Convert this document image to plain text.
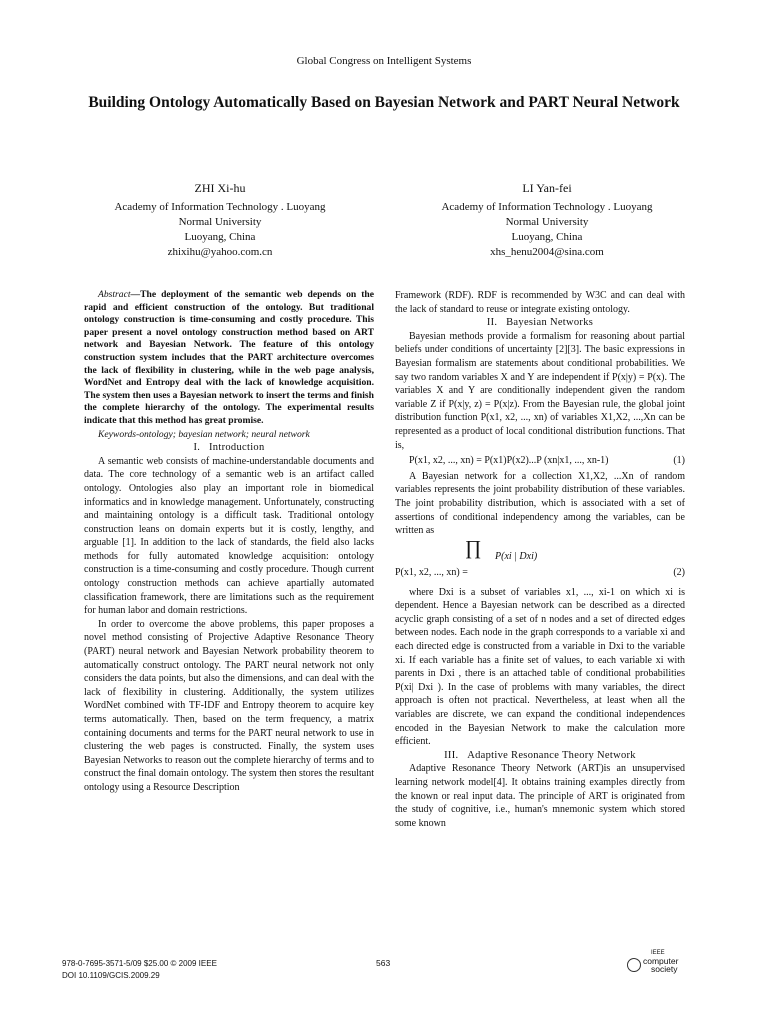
Global Congress on Intelligent Systems
Building Ontology Automatically Based on Bayesian Network and PART Neural Network
ZHI Xi-hu
Academy of Information Technology . Luoyang
Normal University
Luoyang, China
zhixihu@yahoo.com.cn
LI Yan-fei
Academy of Information Technology . Luoyang
Normal University
Luoyang, China
xhs_henu2004@sina.com

Abstract—The deployment of the semantic web depends on the rapid and efficient construction of the ontology. But traditional ontology construction is time-consuming and costly procedure. This paper present a novel ontology construction method based on ART network and Bayesian Network. The feature of this ontology construction system includes that the PART architecture overcomes the lack of flexibility in clustering, while in the web page analysis, WordNet and Entropy deal with the lack of knowledge acquisition. The system then uses a Bayesian network to insert the terms and finish the complete hierarchy of the ontology. The experimental results indicate that this method has great promise.

Keywords-ontology; bayesian network; neural network

I. Introduction

A semantic web consists of machine-understandable documents and data. The core technology of a semantic web is an artifact called ontology. Ontologies also play an important role in biomedical informatics and in knowledge management. Unfortunately, constructing and maintaining ontology is a difficult task. Traditional ontology construction leans on domain experts but it is costly, lengthy, and arguable [1]. In addition to the lack of standards, the field also lacks methods for fully automated knowledge acquisition: ontology construction is a time-consuming and costly procedure. Though current ontology construction methods can achieve apartially automated classification framework, there are limitations such as the requirement for human labor and domain restrictions.

In order to overcome the above problems, this paper proposes a novel method consisting of Projective Adaptive Resonance Theory (PART) neural network and Bayesian Network probability theorem to automatically construct ontology. The PART neural network not only considers the data points, but also the dimensions, and can deal with the lack of flexibility in clustering. Additionally, the system utilizes WordNet combined with TF-IDF and Entropy theorem to acquire key terms automatically. Then, based on the term frequency, a matrix containing documents and terms for the PART neural network to use in clustering the web pages is constructed. Finally, the system uses Bayesian Networks to reason out the complete hierarchy of terms and to construct the final domain ontology. The system then stores the resultant ontology using a Resource Description

Framework (RDF). RDF is recommended by W3C and can deal with the lack of standard to reuse or integrate existing ontology.

II. Bayesian Networks

Bayesian methods provide a formalism for reasoning about partial beliefs under conditions of uncertainty [2][3]. The basic expressions in Bayesian formalism are statements about conditional probabilities. We say two random variables X and Y are independent if P(x|y) = P(x). The variables X and Y are conditionally independent given the random variable Z if P(x|y, z) = P(x|z). From the Bayesian rule, the global joint distribution function P(x1, x2, ..., xn) of variables X1,X2, ...,Xn can be represented as a product of local conditional distribution functions. That is,

P(x1, x2, ..., xn) = P(x1)P(x2)...P (xn|x1, ..., xn-1)	(1)

A Bayesian network for a collection X1,X2, ...Xn of random variables represents the joint probability distribution of these variables. The joint probability distribution, which is associated with a set of assertions of conditional independency among the variables, can be written as

∏ P(xi | Dxi)
P(x1, x2, ..., xn) =	(2)

where Dxi is a subset of variables x1, ..., xi-1 on which xi is dependent. Hence a Bayesian network can be described as a directed acyclic graph consisting of a set of n nodes and a set of directed edges between nodes. Each node in the graph corresponds to a variable xi and each directed edge is constructed from a variable in Dxi to the variable xi. If each variable has a finite set of values, to each variable xi with parents in Dxi , there is an attached table of conditional probabilities P(xi| Dxi ). In the case of problems with many variables, the direct approach is often not practical. Nevertheless, at least when all the variables are discrete, we can expand the conditional independences encoded in the Bayesian Network to make the calculation more efficient.

III. Adaptive Resonance Theory Network

Adaptive Resonance Theory Network (ART)is an unsupervised learning network model[4]. It obtains training examples directly from the known or real input data. The principle of ART is originated from the study of cognitive, i.e., human's mnemonic system which stored some known

978-0-7695-3571-5/09 $25.00 © 2009 IEEE
DOI 10.1109/GCIS.2009.29
563
IEEE
computer
society
